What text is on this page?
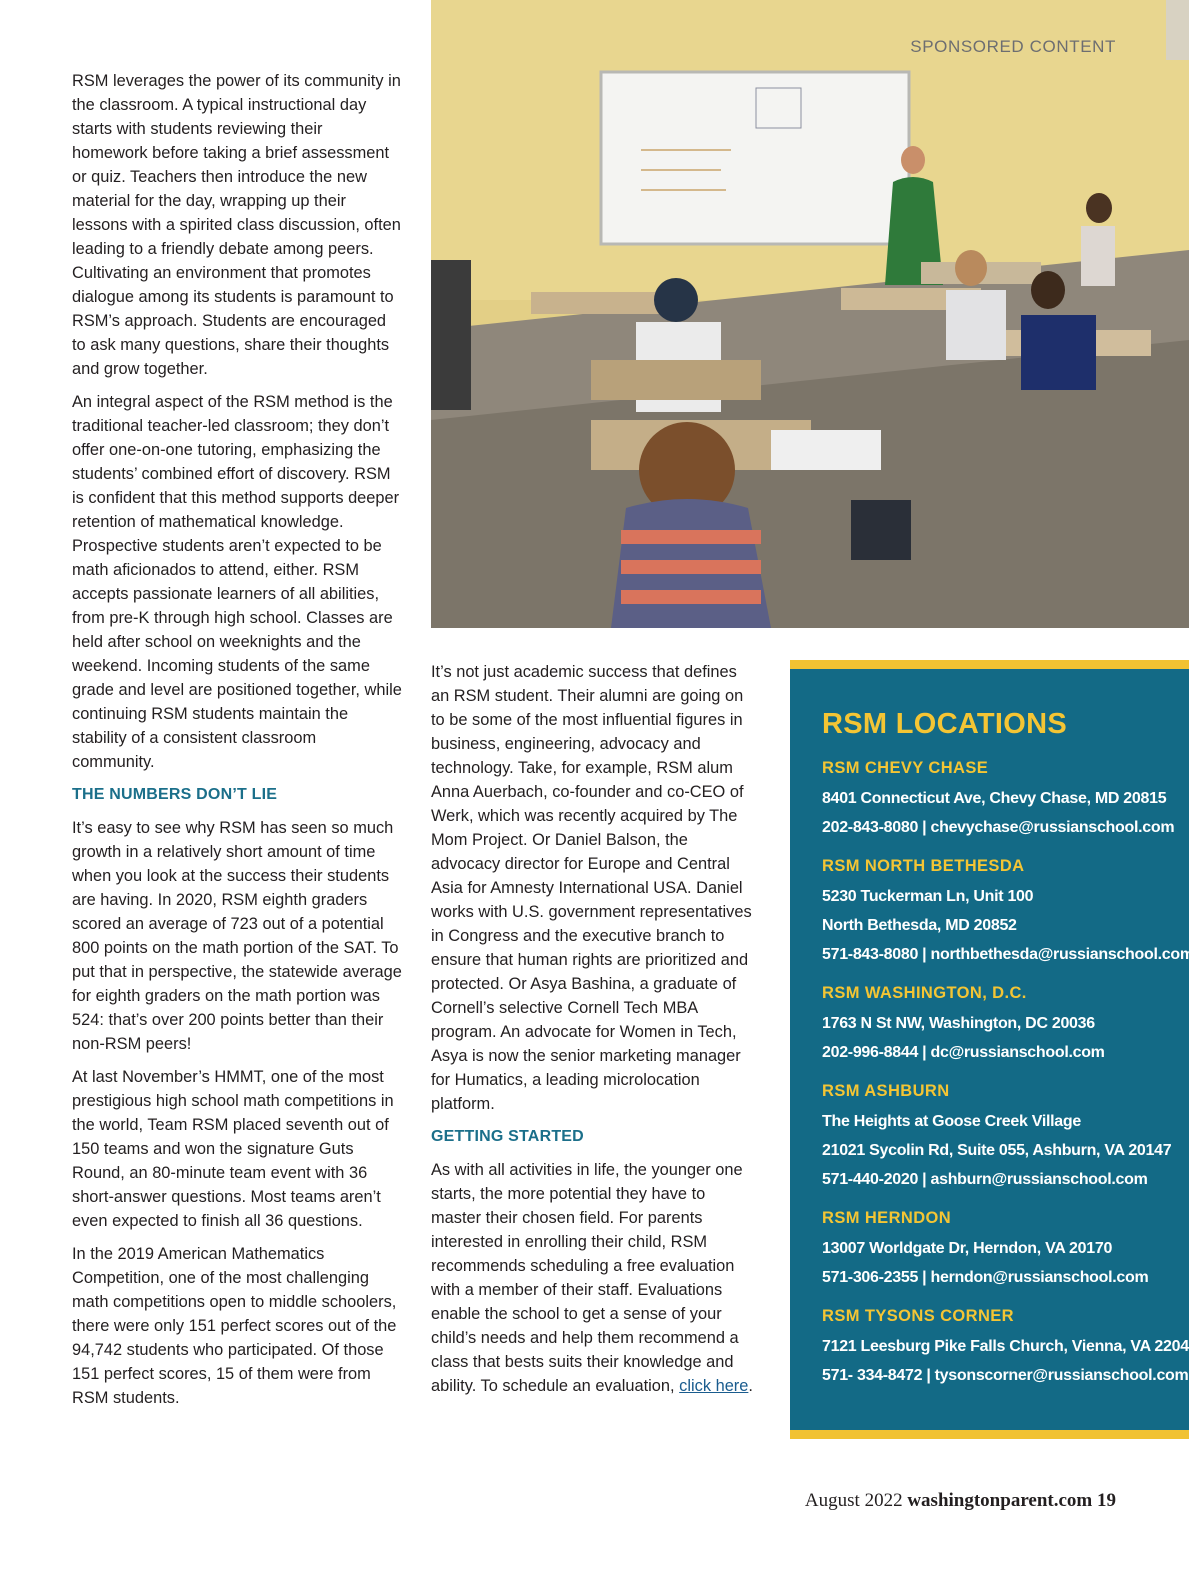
SPONSORED CONTENT

RSM leverages the power of its community in the classroom. A typical instructional day starts with students reviewing their homework before taking a brief assessment or quiz. Teachers then introduce the new material for the day, wrapping up their lessons with a spirited class discussion, often leading to a friendly debate among peers. Cultivating an environment that promotes dialogue among its students is paramount to RSM’s approach. Students are encouraged to ask many questions, share their thoughts and grow together.

An integral aspect of the RSM method is the traditional teacher-led classroom; they don’t offer one-on-one tutoring, emphasizing the students’ combined effort of discovery. RSM is confident that this method supports deeper retention of mathematical knowledge. Prospective students aren’t expected to be math aficionados to attend, either. RSM accepts passionate learners of all abilities, from pre-K through high school. Classes are held after school on weeknights and the weekend. Incoming students of the same grade and level are positioned together, while continuing RSM students maintain the stability of a consistent classroom community.

THE NUMBERS DON’T LIE

It’s easy to see why RSM has seen so much growth in a relatively short amount of time when you look at the success their students are having. In 2020, RSM eighth graders scored an average of 723 out of a potential 800 points on the math portion of the SAT. To put that in perspective, the statewide average for eighth graders on the math portion was 524: that’s over 200 points better than their non-RSM peers!

At last November’s HMMT, one of the most prestigious high school math competitions in the world, Team RSM placed seventh out of 150 teams and won the signature Guts Round, an 80-minute team event with 36 short-answer questions. Most teams aren’t even expected to finish all 36 questions.

In the 2019 American Mathematics Competition, one of the most challenging math competitions open to middle schoolers, there were only 151 perfect scores out of the 94,742 students who participated. Of those 151 perfect scores, 15 of them were from RSM students.

It’s not just academic success that defines an RSM student. Their alumni are going on to be some of the most influential figures in business, engineering, advocacy and technology. Take, for example, RSM alum Anna Auerbach, co-founder and co-CEO of Werk, which was recently acquired by The Mom Project. Or Daniel Balson, the advocacy director for Europe and Central Asia for Amnesty International USA. Daniel works with U.S. government representatives in Congress and the executive branch to ensure that human rights are prioritized and protected. Or Asya Bashina, a graduate of Cornell’s selective Cornell Tech MBA program. An advocate for Women in Tech, Asya is now the senior marketing manager for Humatics, a leading microlocation platform.

GETTING STARTED

As with all activities in life, the younger one starts, the more potential they have to master their chosen field. For parents interested in enrolling their child, RSM recommends scheduling a free evaluation with a member of their staff. Evaluations enable the school to get a sense of your child’s needs and help them recommend a class that bests suits their knowledge and ability. To schedule an evaluation, click here.

RSM LOCATIONS
RSM CHEVY CHASE
8401 Connecticut Ave, Chevy Chase, MD 20815
202-843-8080 | chevychase@russianschool.com
RSM NORTH BETHESDA
5230 Tuckerman Ln, Unit 100
North Bethesda, MD 20852
571-843-8080 | northbethesda@russianschool.com
RSM WASHINGTON, D.C.
1763 N St NW, Washington, DC 20036
202-996-8844 | dc@russianschool.com
RSM ASHBURN
The Heights at Goose Creek Village
21021 Sycolin Rd, Suite 055, Ashburn, VA 20147
571-440-2020 | ashburn@russianschool.com
RSM HERNDON
13007 Worldgate Dr, Herndon, VA 20170
571-306-2355 | herndon@russianschool.com
RSM TYSONS CORNER
7121 Leesburg Pike Falls Church, Vienna, VA 22043
571- 334-8472 | tysonscorner@russianschool.com
August 2022 washingtonparent.com 19
